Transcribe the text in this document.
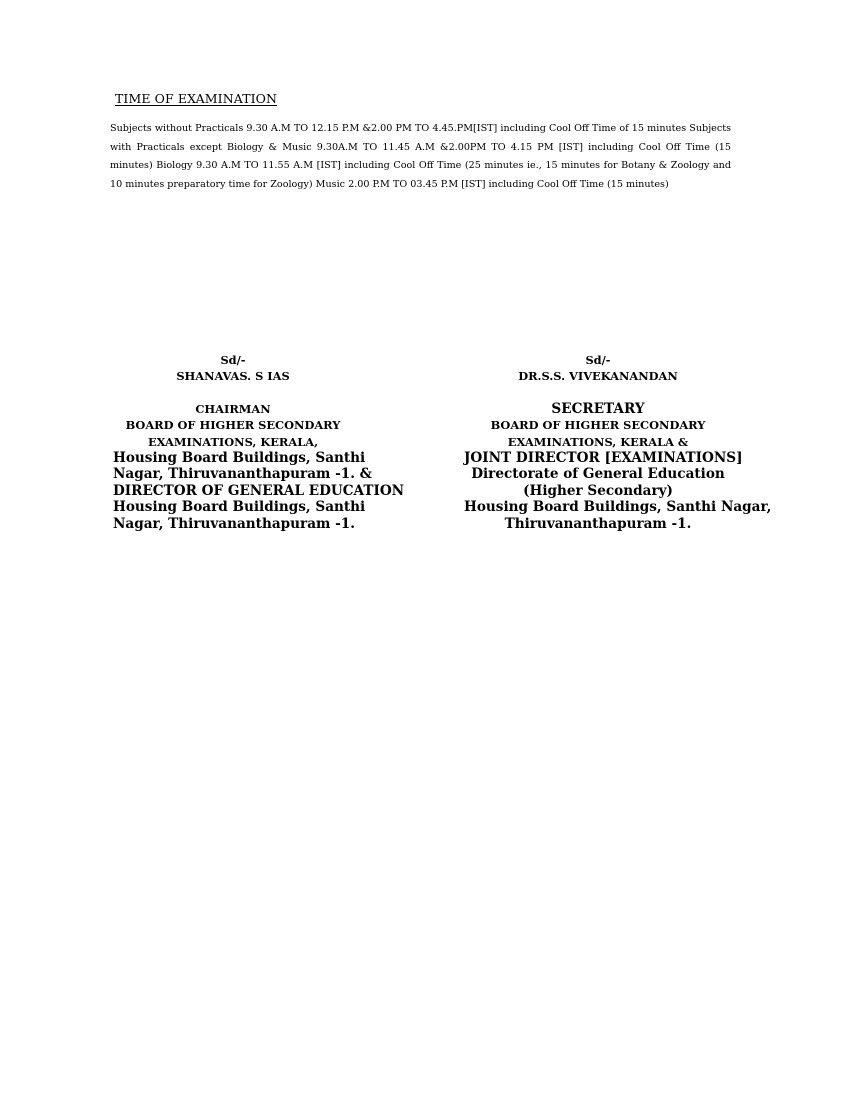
TIME OF EXAMINATION
Subjects without Practicals 9.30 A.M TO 12.15 P.M &2.00 PM TO 4.45.PM[IST] including Cool Off Time of 15 minutes Subjects with Practicals except Biology & Music 9.30A.M TO 11.45 A.M &2.00PM TO 4.15 PM [IST] including Cool Off Time (15 minutes) Biology 9.30 A.M TO 11.55 A.M [IST] including Cool Off Time (25 minutes ie., 15 minutes for Botany & Zoology and 10 minutes preparatory time for Zoology) Music 2.00 P.M TO 03.45 P.M [IST] including Cool Off Time (15 minutes)
Sd/-
SHANAVAS. S IAS
CHAIRMAN
BOARD OF HIGHER SECONDARY
EXAMINATIONS, KERALA,
Housing Board Buildings, Santhi
Nagar, Thiruvananthapuram -1. &
DIRECTOR OF GENERAL EDUCATION
Housing Board Buildings, Santhi
Nagar, Thiruvananthapuram -1.
Sd/-
DR.S.S. VIVEKANANDAN
SECRETARY
BOARD OF HIGHER SECONDARY
EXAMINATIONS, KERALA &
JOINT DIRECTOR [EXAMINATIONS]
Directorate of General Education
(Higher Secondary)
Housing Board Buildings, Santhi Nagar,
Thiruvananthapuram -1.
